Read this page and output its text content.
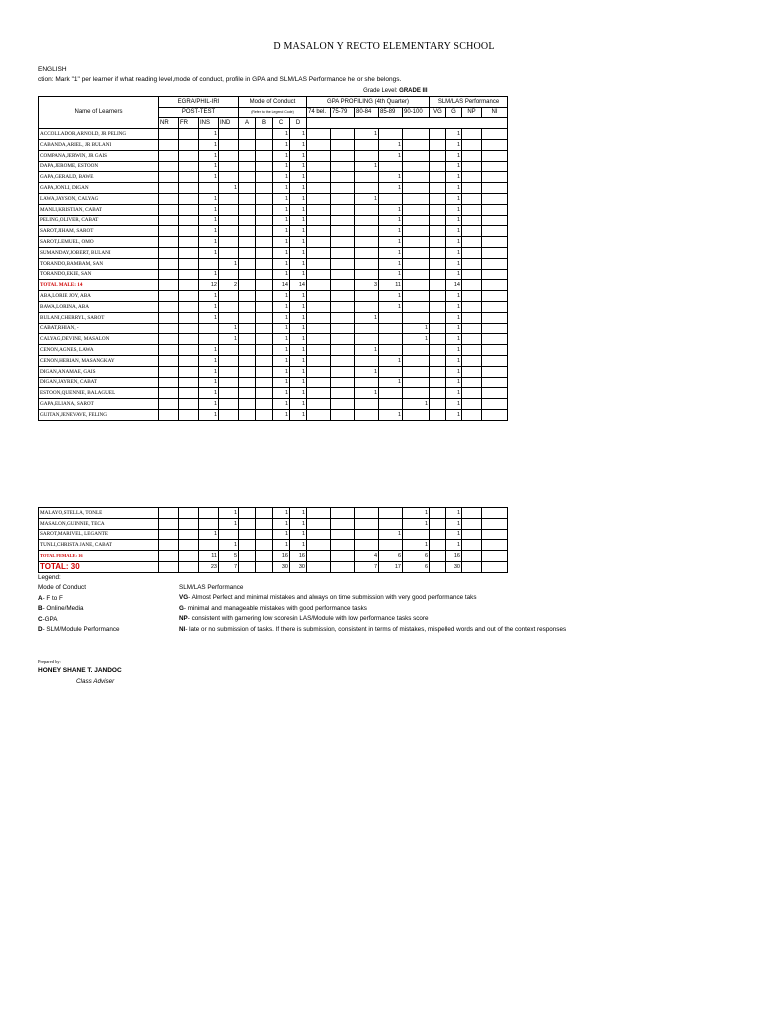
D MASALON Y RECTO ELEMENTARY SCHOOL
ENGLISH
ction: Mark "1" per learner if what reading level,mode of conduct, profile in GPA and SLM/LAS Performance he or she belongs.
					Grade Level: GRADE III												
Name of Learners	EGRA/PHIL-IRI				Mode of Conduct				GPA PROFILING (4th Quarter)					SLM/LAS Performance			
	POST-TEST				(Refer to the Legend Code)				74 bel.	75-79	80-84	85-89	90-100	VG	G	NP	NI
	NR	FR	INS	IND	A	B	C	D									
ACCOLLADOR,ARNOLD, JR PELING			1				1	1			1				1		
CABANDA,ARIEL, JR BULANI			1				1	1				1			1		
COMPANA,JERWIN, JR GAIS			1				1	1				1			1		
DAPA,JEROME, ESTOON			1				1	1			1				1		
GAPA,GERALD, BAWE			1				1	1				1			1		
GAPA,JONLI, DIGAN				1			1	1				1			1		
LAWA,JAYSON, CALYAG			1				1	1			1				1		
MANLI,KRISTIAN, CABAT			1				1	1				1			1		
PELING,OLIVER, CABAT			1				1	1				1			1		
SAROT,JIHAM, SAROT			1				1	1				1			1		
SAROT,LEMUEL, OMO			1				1	1				1			1		
SUMANDAY,JOBERT, BULANI			1				1	1				1			1		
TORANDO,BAMBAM, SAN				1			1	1				1			1		
TORANDO,EKIE, SAN			1				1	1				1			1		
TOTAL MALE: 14			12	2			14	14			3	11			14		
ABA,LORIE JOY, ABA			1				1	1				1			1		
BAWA,LORINA, ABA			1				1	1				1			1		
BULANI,CHERRYL, SAROT			1				1	1			1				1		
CABAT,RHIAN, -				1			1	1					1		1		
CALYAG,DEVINE, MASALON				1			1	1					1		1		
CENON,AGNES, LAWA			1				1	1			1				1		
CENON,HERIAN, MASANGKAY			1				1	1				1			1		
DIGAN,ANAMAE, GAIS			1				1	1			1				1		
DIGAN,JAYREN, CABAT			1				1	1				1			1		
ESTOON,QUENNIE, BALAGUEL			1				1	1			1				1		
GAPA,ELIANA, SAROT			1				1	1					1		1		
GUITAN,JENEVAVE, FELING			1				1	1				1			1		
MALAYO,STELLA, TONLE				1			1	1					1		1		
MASALON,GUINNIE, TECA				1			1	1					1		1		
SAROT,MARIVEL, LEGANTE			1				1	1				1			1		
TUNLI,CHRISTA JANE, CABAT				1			1	1					1		1		
TOTAL FEMALE: 16			11	5			16	16			4	6	6		16		
TOTAL: 30			23	7			30	30			7	17	6		30		
Legend:
Mode of Conduct
A- F to F
B- Online/Media
C-GPA
D- SLM/Module Performance
SLM/LAS Performance
VG- Almost Perfect and minimal mistakes and always on time submission with very good performance taks
G- minimal and manageable mistakes with good performance tasks
NP- consistent with garnering low scoresin LAS/Module with low performance tasks score
NI- late or no submission of tasks. If there is submission, consistent in terms of mistakes, mispelled words and out of the context responses
Prepared by:
HONEY SHANE T. JANDOC
Class Adviser
